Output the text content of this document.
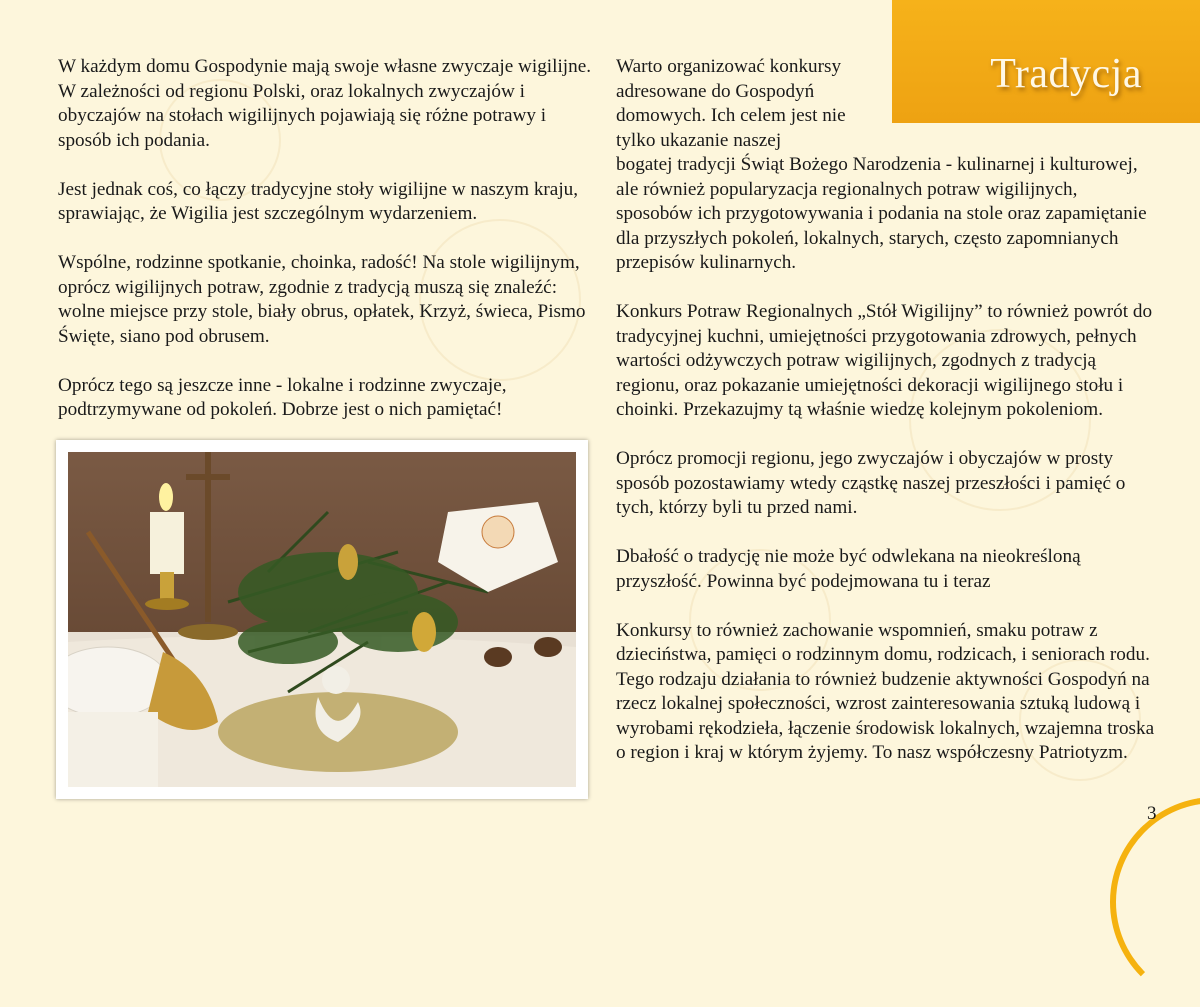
Tradycja

W każdym domu Gospodynie mają swoje własne zwyczaje wigilijne. W zależności od regionu Polski, oraz lokalnych zwyczajów i obyczajów na stołach wigilijnych pojawiają się różne potrawy i sposób ich podania.

Jest jednak coś, co łączy tradycyjne stoły wigilijne w naszym kraju, sprawiając, że Wigilia jest szczególnym wydarzeniem.

Wspólne, rodzinne spotkanie, choinka, radość! Na stole wigilijnym, oprócz wigilijnych potraw, zgodnie z tradycją muszą się znaleźć: wolne miejsce przy stole, biały obrus, opłatek, Krzyż, świeca, Pismo Święte, siano pod obrusem.

Oprócz tego są jeszcze inne - lokalne i rodzinne zwyczaje, podtrzymywane od pokoleń. Dobrze jest o nich pamiętać!

Warto organizować konkursy adresowane do Gospodyń domowych. Ich celem jest nie tylko ukazanie naszej

bogatej tradycji Świąt Bożego Narodzenia - kulinarnej i kulturowej, ale również popularyzacja regionalnych potraw wigilijnych, sposobów ich przygotowywania i podania na stole oraz zapamiętanie dla przyszłych pokoleń, lokalnych, starych, często zapomnianych przepisów kulinarnych.

Konkurs Potraw Regionalnych „Stół Wigilijny” to również powrót do tradycyjnej kuchni, umiejętności przygotowania zdrowych, pełnych wartości odżywczych potraw wigilijnych, zgodnych z tradycją regionu, oraz pokazanie umiejętności dekoracji wigilijnego stołu i choinki. Przekazujmy tą właśnie wiedzę kolejnym pokoleniom.

Oprócz promocji regionu, jego zwyczajów i obyczajów w prosty sposób pozostawiamy wtedy cząstkę naszej przeszłości i pamięć o tych, którzy byli tu przed nami.

Dbałość o tradycję nie może być odwlekana na nieokreśloną przyszłość. Powinna być podejmowana tu i teraz

Konkursy to również zachowanie wspomnień, smaku potraw z dzieciństwa, pamięci o rodzinnym domu, rodzicach, i seniorach rodu. Tego rodzaju działania to również budzenie aktywności Gospodyń na rzecz lokalnej społeczności, wzrost zainteresowania sztuką ludową i wyrobami rękodzieła, łączenie środowisk lokalnych, wzajemna troska o region i kraj w którym żyjemy. To nasz współczesny Patriotyzm.

3
